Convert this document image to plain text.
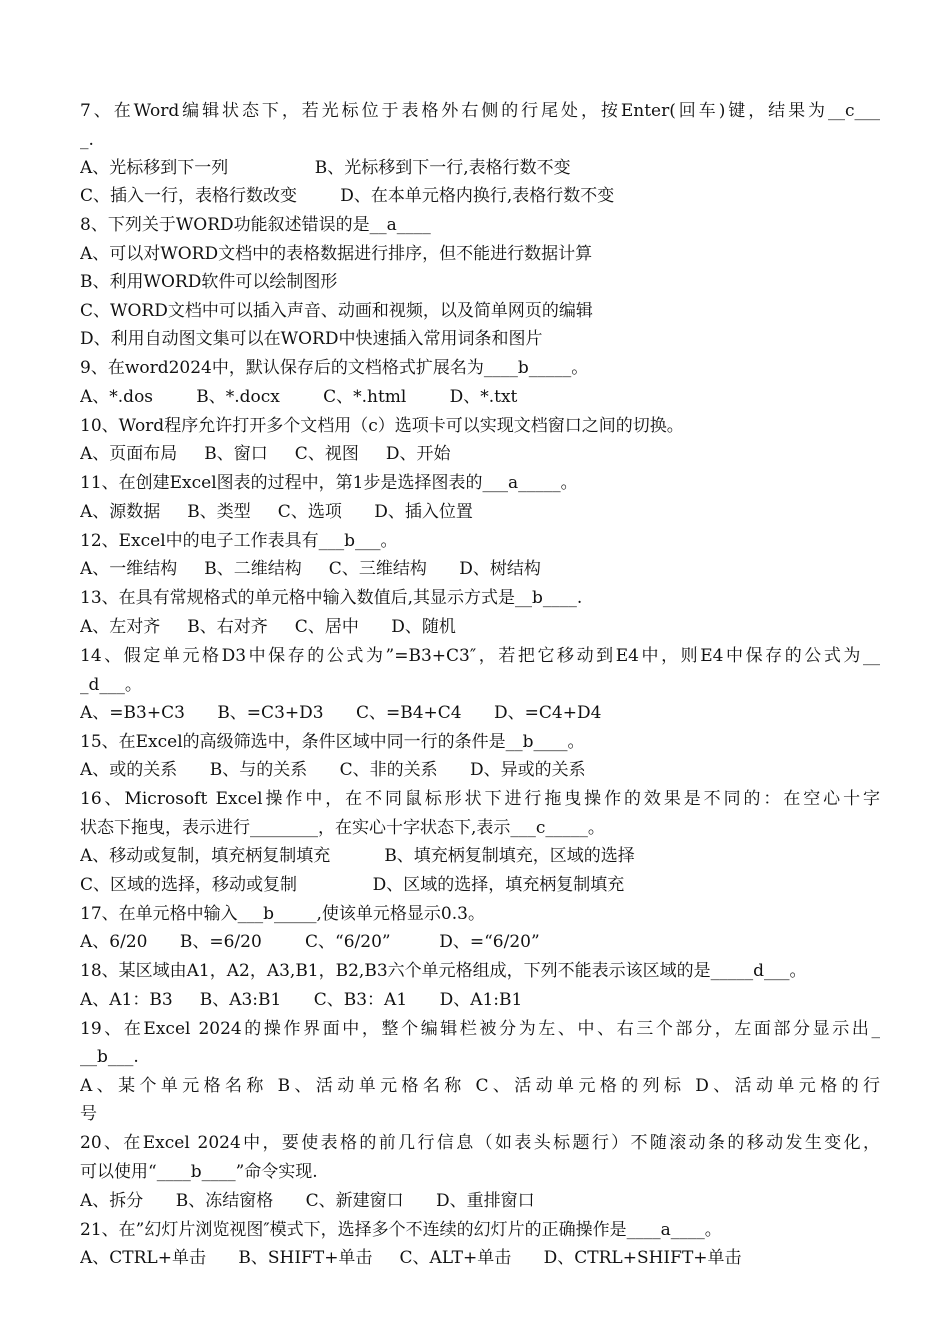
7、在Word编辑状态下，若光标位于表格外右侧的行尾处，按Enter(回车)键，结果为__c___
_.
A、光标移到下一列                B、光标移到下一行,表格行数不变
C、插入一行，表格行数改变        D、在本单元格内换行,表格行数不变
8、下列关于WORD功能叙述错误的是__a____
A、可以对WORD文档中的表格数据进行排序，但不能进行数据计算
B、利用WORD软件可以绘制图形
C、WORD文档中可以插入声音、动画和视频，以及简单网页的编辑
D、利用自动图文集可以在WORD中快速插入常用词条和图片
9、在word2024中，默认保存后的文档格式扩展名为____b_____。
A、*.dos        B、*.docx        C、*.html        D、*.txt
10、Word程序允许打开多个文档用（c）选项卡可以实现文档窗口之间的切换。
A、页面布局     B、窗口     C、视图     D、开始
11、在创建Excel图表的过程中，第1步是选择图表的___a_____。
A、源数据     B、类型     C、选项      D、插入位置
12、Excel中的电子工作表具有___b___。
A、一维结构     B、二维结构     C、三维结构      D、树结构
13、在具有常规格式的单元格中输入数值后,其显示方式是__b____.
A、左对齐     B、右对齐     C、居中      D、随机
14、假定单元格D3中保存的公式为”=B3+C3″，若把它移动到E4中，则E4中保存的公式为__
_d___。
A、=B3+C3      B、=C3+D3      C、=B4+C4      D、=C4+D4
15、在Excel的高级筛选中，条件区域中同一行的条件是__b____。
A、或的关系      B、与的关系      C、非的关系      D、异或的关系
16、Microsoft Excel操作中，在不同鼠标形状下进行拖曳操作的效果是不同的：在空心十字
状态下拖曳，表示进行________，在实心十字状态下,表示___c_____。
A、移动或复制，填充柄复制填充          B、填充柄复制填充，区域的选择
C、区域的选择，移动或复制              D、区域的选择，填充柄复制填充
17、在单元格中输入___b_____,使该单元格显示0.3。
A、6/20      B、=6/20        C、“6/20”         D、=“6/20”
18、某区域由A1，A2，A3,B1，B2,B3六个单元格组成，下列不能表示该区域的是_____d___。
A、A1：B3     B、A3:B1      C、B3：A1      D、A1:B1
19、在Excel 2024的操作界面中，整个编辑栏被分为左、中、右三个部分，左面部分显示出_
__b___.
A、某个单元格名称 B、活动单元格名称 C、活动单元格的列标 D、活动单元格的行
号
20、在Excel 2024中，要使表格的前几行信息（如表头标题行）不随滚动条的移动发生变化，
可以使用“____b____”命令实现.
A、拆分      B、冻结窗格      C、新建窗口      D、重排窗口
21、在”幻灯片浏览视图″模式下，选择多个不连续的幻灯片的正确操作是____a____。
A、CTRL+单击      B、SHIFT+单击     C、ALT+单击      D、CTRL+SHIFT+单击
